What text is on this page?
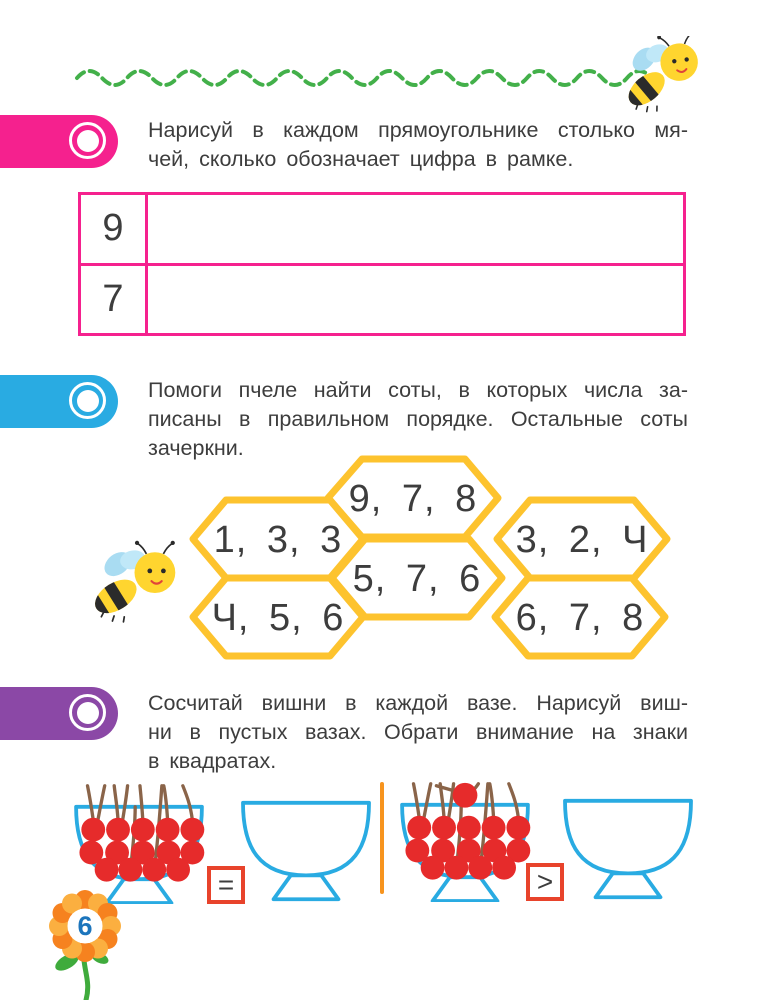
Нарисуй в каждом прямоугольнике столько мя-
чей, сколько обозначает цифра в рамке.
9
7
Помоги пчеле найти соты, в которых числа за-
писаны в правильном порядке. Остальные соты
зачеркни.
9, 7, 8
1, 3, 3	3, 2, Ч
5, 7, 6
Ч, 5, 6	6, 7, 8
Сосчитай вишни в каждой вазе. Нарисуй виш-
ни в пустых вазах. Обрати внимание на знаки
в квадратах.
=	>
6
